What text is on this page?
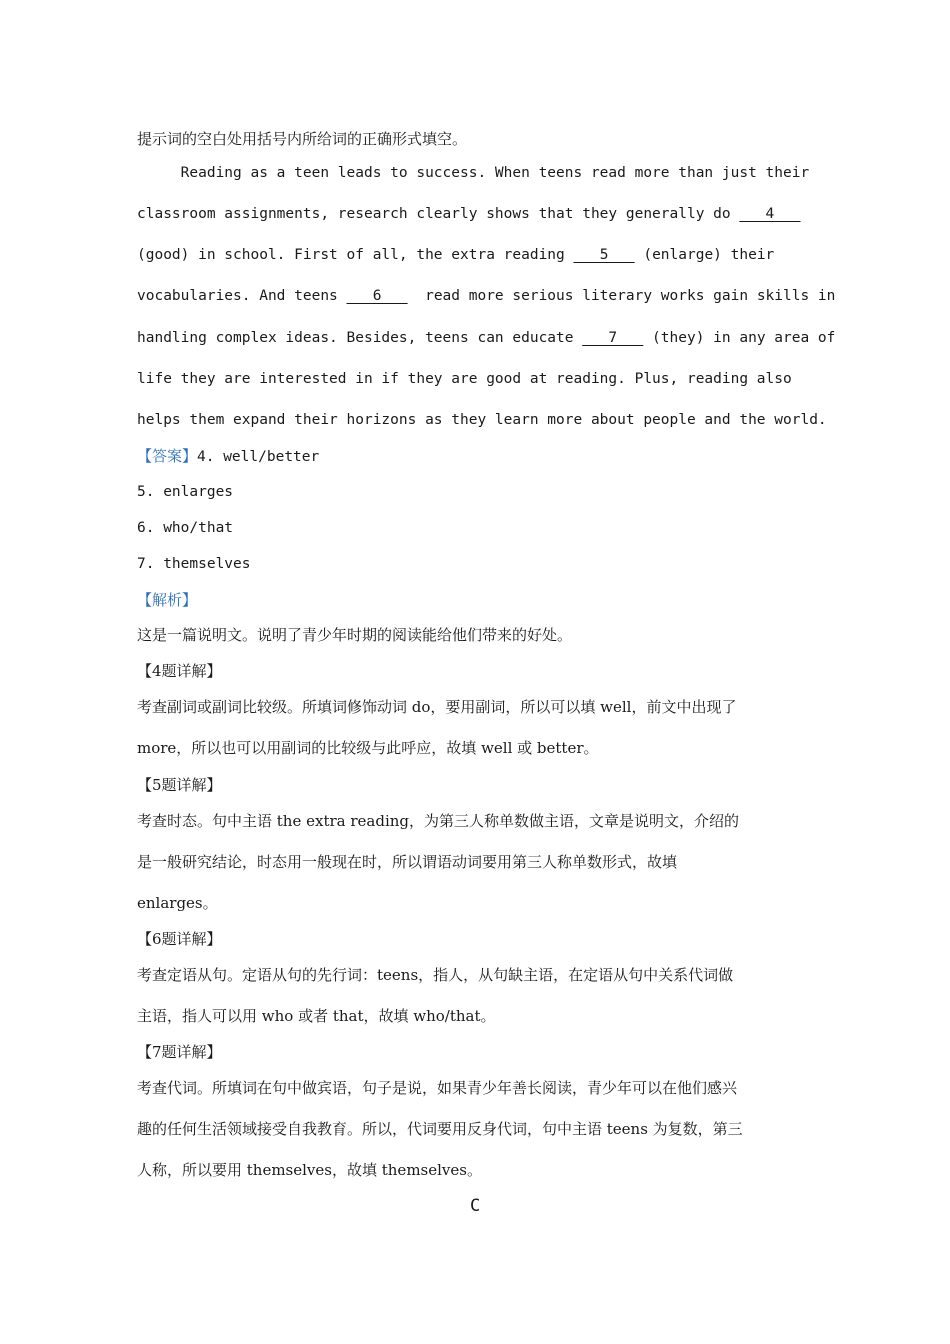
提示词的空白处用括号内所给词的正确形式填空。
Reading as a teen leads to success. When teens read more than just their
classroom assignments, research clearly shows that they generally do    4
(good) in school. First of all, the extra reading    5    (enlarge) their
vocabularies. And teens    6     read more serious literary works gain skills in
handling complex ideas. Besides, teens can educate    7    (they) in any area of
life they are interested in if they are good at reading. Plus, reading also
helps them expand their horizons as they learn more about people and the world.
【答案】4. well/better
5. enlarges
6. who/that
7. themselves
【解析】
这是一篇说明文。说明了青少年时期的阅读能给他们带来的好处。
【4题详解】
考查副词或副词比较级。所填词修饰动词 do，要用副词，所以可以填 well，前文中出现了
more，所以也可以用副词的比较级与此呼应，故填 well 或 better。
【5题详解】
考查时态。句中主语 the extra reading，为第三人称单数做主语，文章是说明文，介绍的
是一般研究结论，时态用一般现在时，所以谓语动词要用第三人称单数形式，故填
enlarges。
【6题详解】
考查定语从句。定语从句的先行词：teens，指人，从句缺主语，在定语从句中关系代词做
主语，指人可以用 who 或者 that，故填 who/that。
【7题详解】
考查代词。所填词在句中做宾语，句子是说，如果青少年善长阅读，青少年可以在他们感兴
趣的任何生活领域接受自我教育。所以，代词要用反身代词，句中主语 teens 为复数，第三
人称，所以要用 themselves，故填 themselves。
C
